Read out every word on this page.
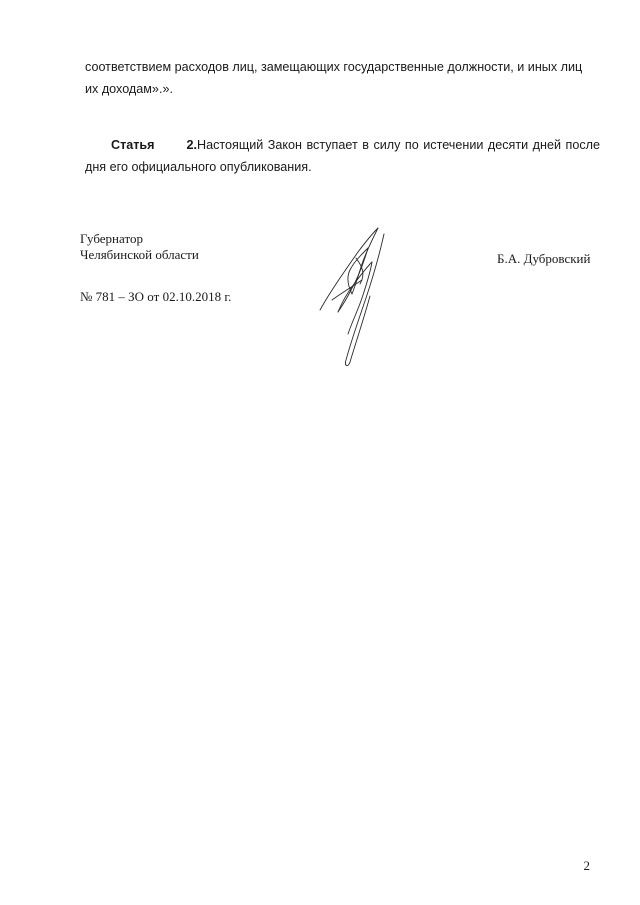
соответствием расходов лиц, замещающих государственные должности, и иных лиц
их доходам».».
Статья 2.Настоящий Закон вступает в силу по истечении десяти дней после
дня его официального опубликования.
Губернатор
Челябинской области	Б.А. Дубровский
№ 781 – ЗО от 02.10.2018 г.
2
